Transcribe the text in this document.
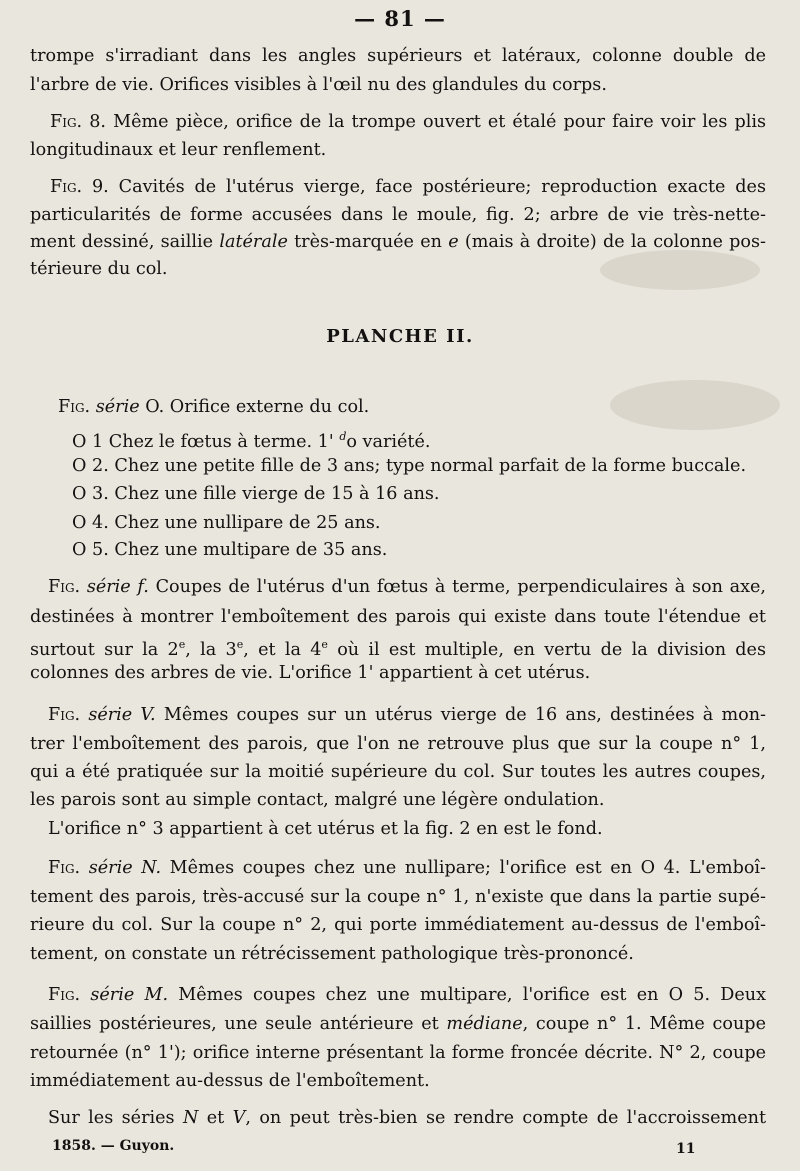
— 81 —
trompe s'irradiant dans les angles supérieurs et latéraux, colonne double de
l'arbre de vie. Orifices visibles à l'œil nu des glandules du corps.
Fig. 8. Même pièce, orifice de la trompe ouvert et étalé pour faire voir les plis
longitudinaux et leur renflement.
Fig. 9. Cavités de l'utérus vierge, face postérieure; reproduction exacte des
particularités de forme accusées dans le moule, fig. 2; arbre de vie très-nette-
ment dessiné, saillie latérale très-marquée en e (mais à droite) de la colonne pos-
térieure du col.
PLANCHE II.
Fig. série O. Orifice externe du col.
O 1 Chez le fœtus à terme. 1' $^d$o variété.
O 2. Chez une petite fille de 3 ans; type normal parfait de la forme buccale.
O 3. Chez une fille vierge de 15 à 16 ans.
O 4. Chez une nullipare de 25 ans.
O 5. Chez une multipare de 35 ans.
Fig. série f. Coupes de l'utérus d'un fœtus à terme, perpendiculaires à son axe,
destinées à montrer l'emboîtement des parois qui existe dans toute l'étendue et
surtout sur la 2e, la 3e, et la 4e où il est multiple, en vertu de la division des
colonnes des arbres de vie. L'orifice 1' appartient à cet utérus.
Fig. série V. Mêmes coupes sur un utérus vierge de 16 ans, destinées à mon-
trer l'emboîtement des parois, que l'on ne retrouve plus que sur la coupe n° 1,
qui a été pratiquée sur la moitié supérieure du col. Sur toutes les autres coupes,
les parois sont au simple contact, malgré une légère ondulation.
L'orifice n° 3 appartient à cet utérus et la fig. 2 en est le fond.
Fig. série N. Mêmes coupes chez une nullipare; l'orifice est en O 4. L'emboî-
tement des parois, très-accusé sur la coupe n° 1, n'existe que dans la partie supé-
rieure du col. Sur la coupe n° 2, qui porte immédiatement au-dessus de l'emboî-
tement, on constate un rétrécissement pathologique très-prononcé.
Fig. série M. Mêmes coupes chez une multipare, l'orifice est en O 5. Deux
saillies postérieures, une seule antérieure et médiane, coupe n° 1. Même coupe
retournée (n° 1'); orifice interne présentant la forme froncée décrite. N° 2, coupe
immédiatement au-dessus de l'emboîtement.
Sur les séries N et V, on peut très-bien se rendre compte de l'accroissement
1858. — Guyon.	11
